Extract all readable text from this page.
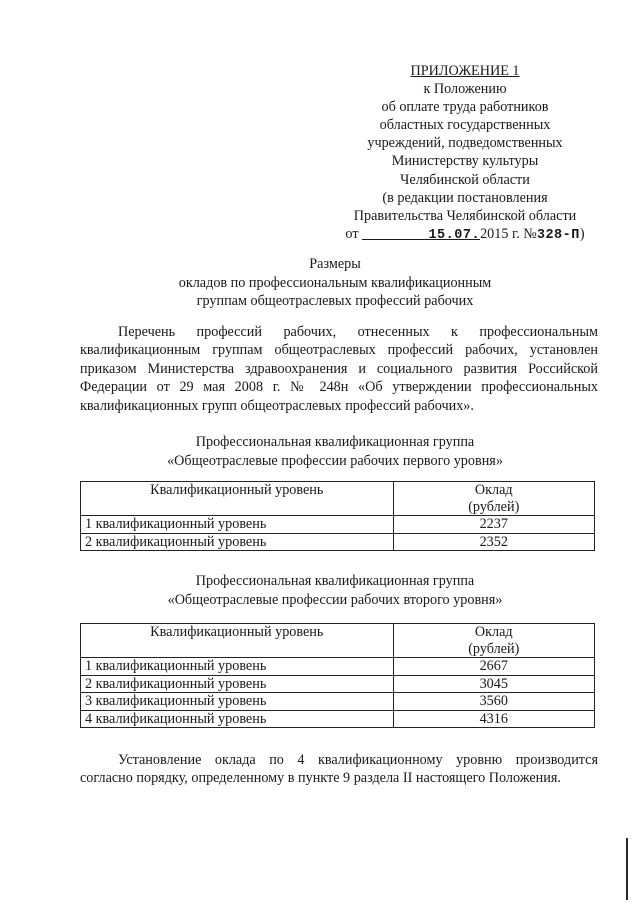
ПРИЛОЖЕНИЕ 1
к Положению
об оплате труда работников
областных государственных
учреждений, подведомственных
Министерству культуры
Челябинской области
(в редакции постановления
Правительства Челябинской области
от	15.07.2015 г. №328-П)
Размеры
окладов по профессиональным квалификационным
группам общеотраслевых профессий рабочих
Перечень профессий рабочих, отнесенных к профессиональным
квалификационным группам общеотраслевых профессий рабочих, установлен
приказом Министерства здравоохранения и социального развития Российской
Федерации от 29 мая 2008 г. № 248н «Об утверждении профессиональных
квалификационных групп общеотраслевых профессий рабочих».
Профессиональная квалификационная группа
«Общеотраслевые профессии рабочих первого уровня»
Квалификационный уровень	Оклад
(рублей)

1 квалификационный уровень	2237
2 квалификационный уровень	2352
Профессиональная квалификационная группа
«Общеотраслевые профессии рабочих второго уровня»
Квалификационный уровень	Оклад
(рублей)

1 квалификационный уровень	2667
2 квалификационный уровень	3045
3 квалификационный уровень	3560
4 квалификационный уровень	4316
Установление оклада по 4 квалификационному уровню производится
согласно порядку, определенному в пункте 9 раздела II настоящего Положения.
